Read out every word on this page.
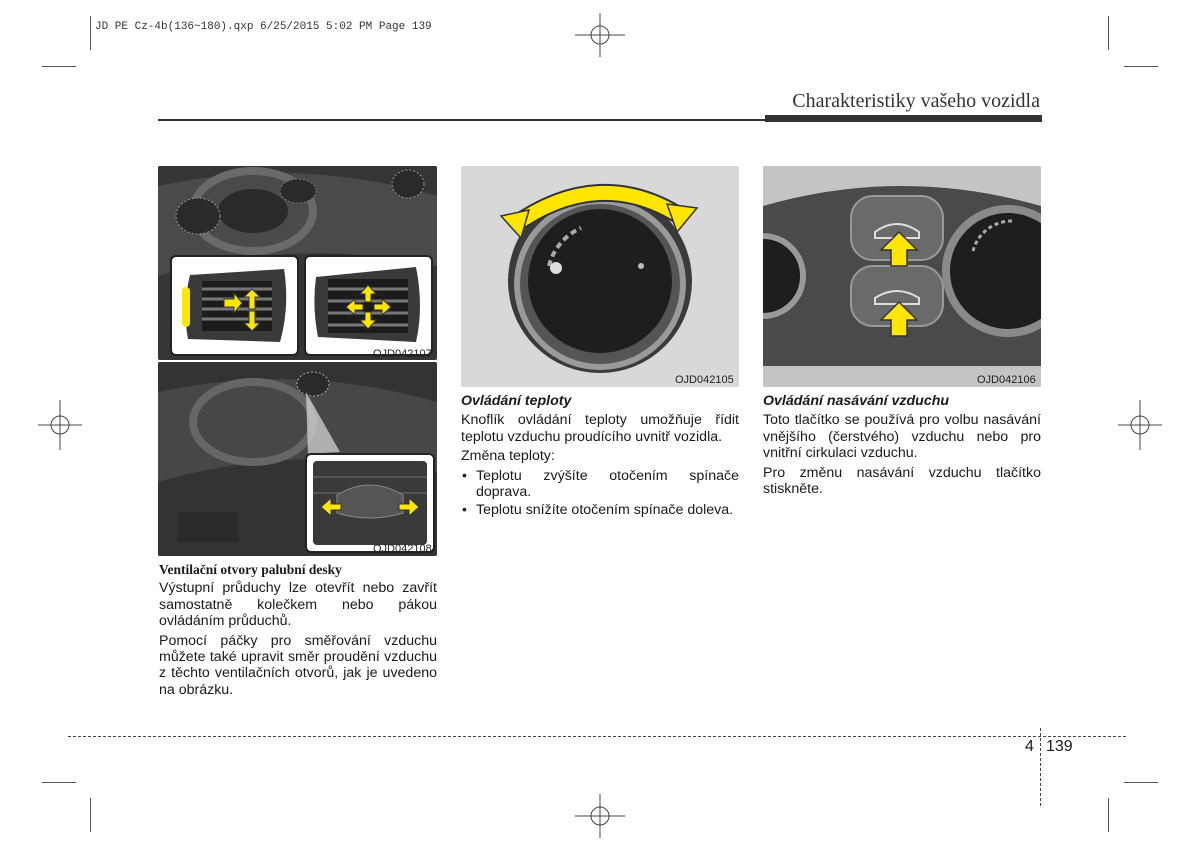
JD PE Cz-4b(136~180).qxp 6/25/2015 5:02 PM Page 139
Charakteristiky vašeho vozidla
OJD042107
OJD042108
OJD042105	OJD042106
Ventilační otvory palubní desky

Výstupní průduchy lze otevřít nebo zavřít samostatně kolečkem nebo pákou ovládáním průduchů.

Pomocí páčky pro směřování vzduchu můžete také upravit směr proudění vzduchu z těchto ventilačních otvorů, jak je uvedeno na obrázku.

Ovládání teploty

Knoflík ovládání teploty umožňuje řídit teplotu vzduchu proudícího uvnitř vozidla.

Změna teploty:

• Teplotu zvýšíte otočením spínače doprava.
• Teplotu snížíte otočením spínače doleva.
Ovládání nasávání vzduchu

Toto tlačítko se používá pro volbu nasávání vnějšího (čerstvého) vzduchu nebo pro vnitřní cirkulaci vzduchu.

Pro změnu nasávání vzduchu tlačítko stiskněte.

4 139
